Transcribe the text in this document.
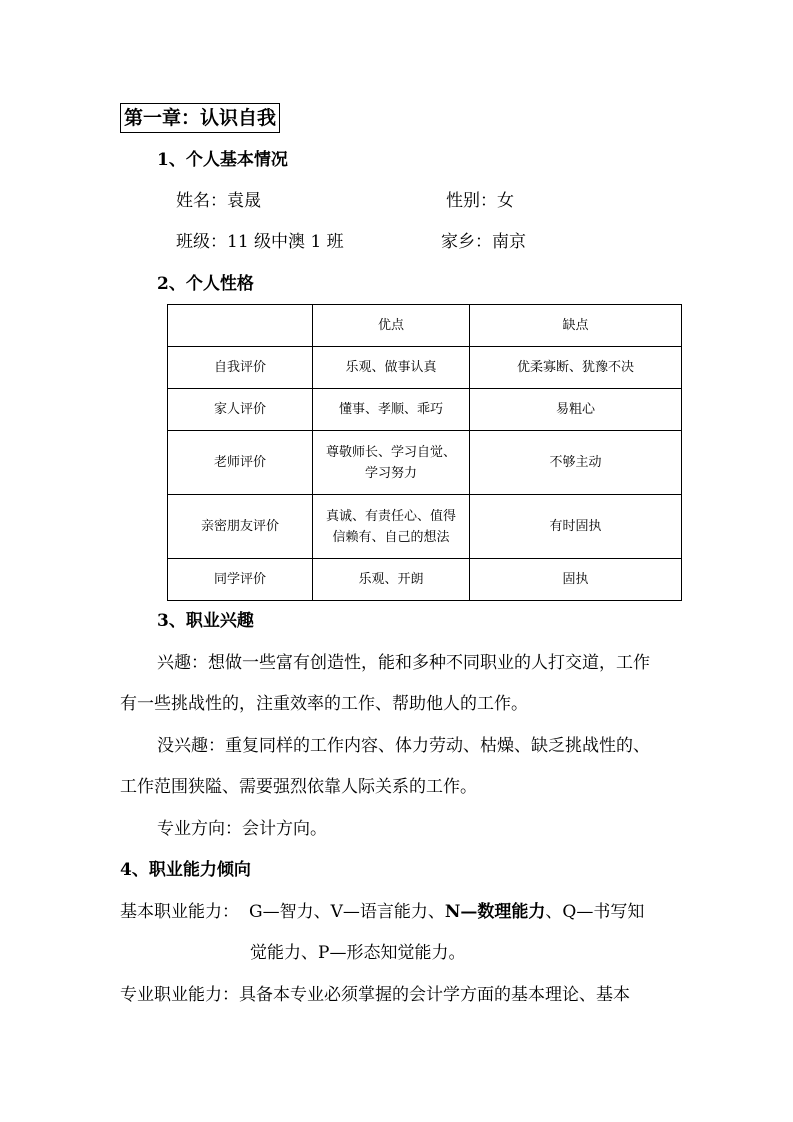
第一章：认识自我
1、个人基本情况
姓名：袁晟	性别：女
班级：11 级中澳 1 班	家乡：南京
2、个人性格
	优点	缺点
自我评价	乐观、做事认真	优柔寡断、犹豫不决
家人评价	懂事、孝顺、乖巧	易粗心
老师评价	尊敬师长、学习自觉、学习努力	不够主动
亲密朋友评价	真诚、有责任心、值得信赖有、自己的想法	有时固执
同学评价	乐观、开朗	固执
3、职业兴趣
兴趣：想做一些富有创造性，能和多种不同职业的人打交道，工作
有一些挑战性的，注重效率的工作、帮助他人的工作。
没兴趣：重复同样的工作内容、体力劳动、枯燥、缺乏挑战性的、
工作范围狭隘、需要强烈依靠人际关系的工作。
专业方向：会计方向。
4、职业能力倾向
基本职业能力： G—智力、V—语言能力、N—数理能力、Q—书写知
觉能力、P—形态知觉能力。
专业职业能力：具备本专业必须掌握的会计学方面的基本理论、基本
